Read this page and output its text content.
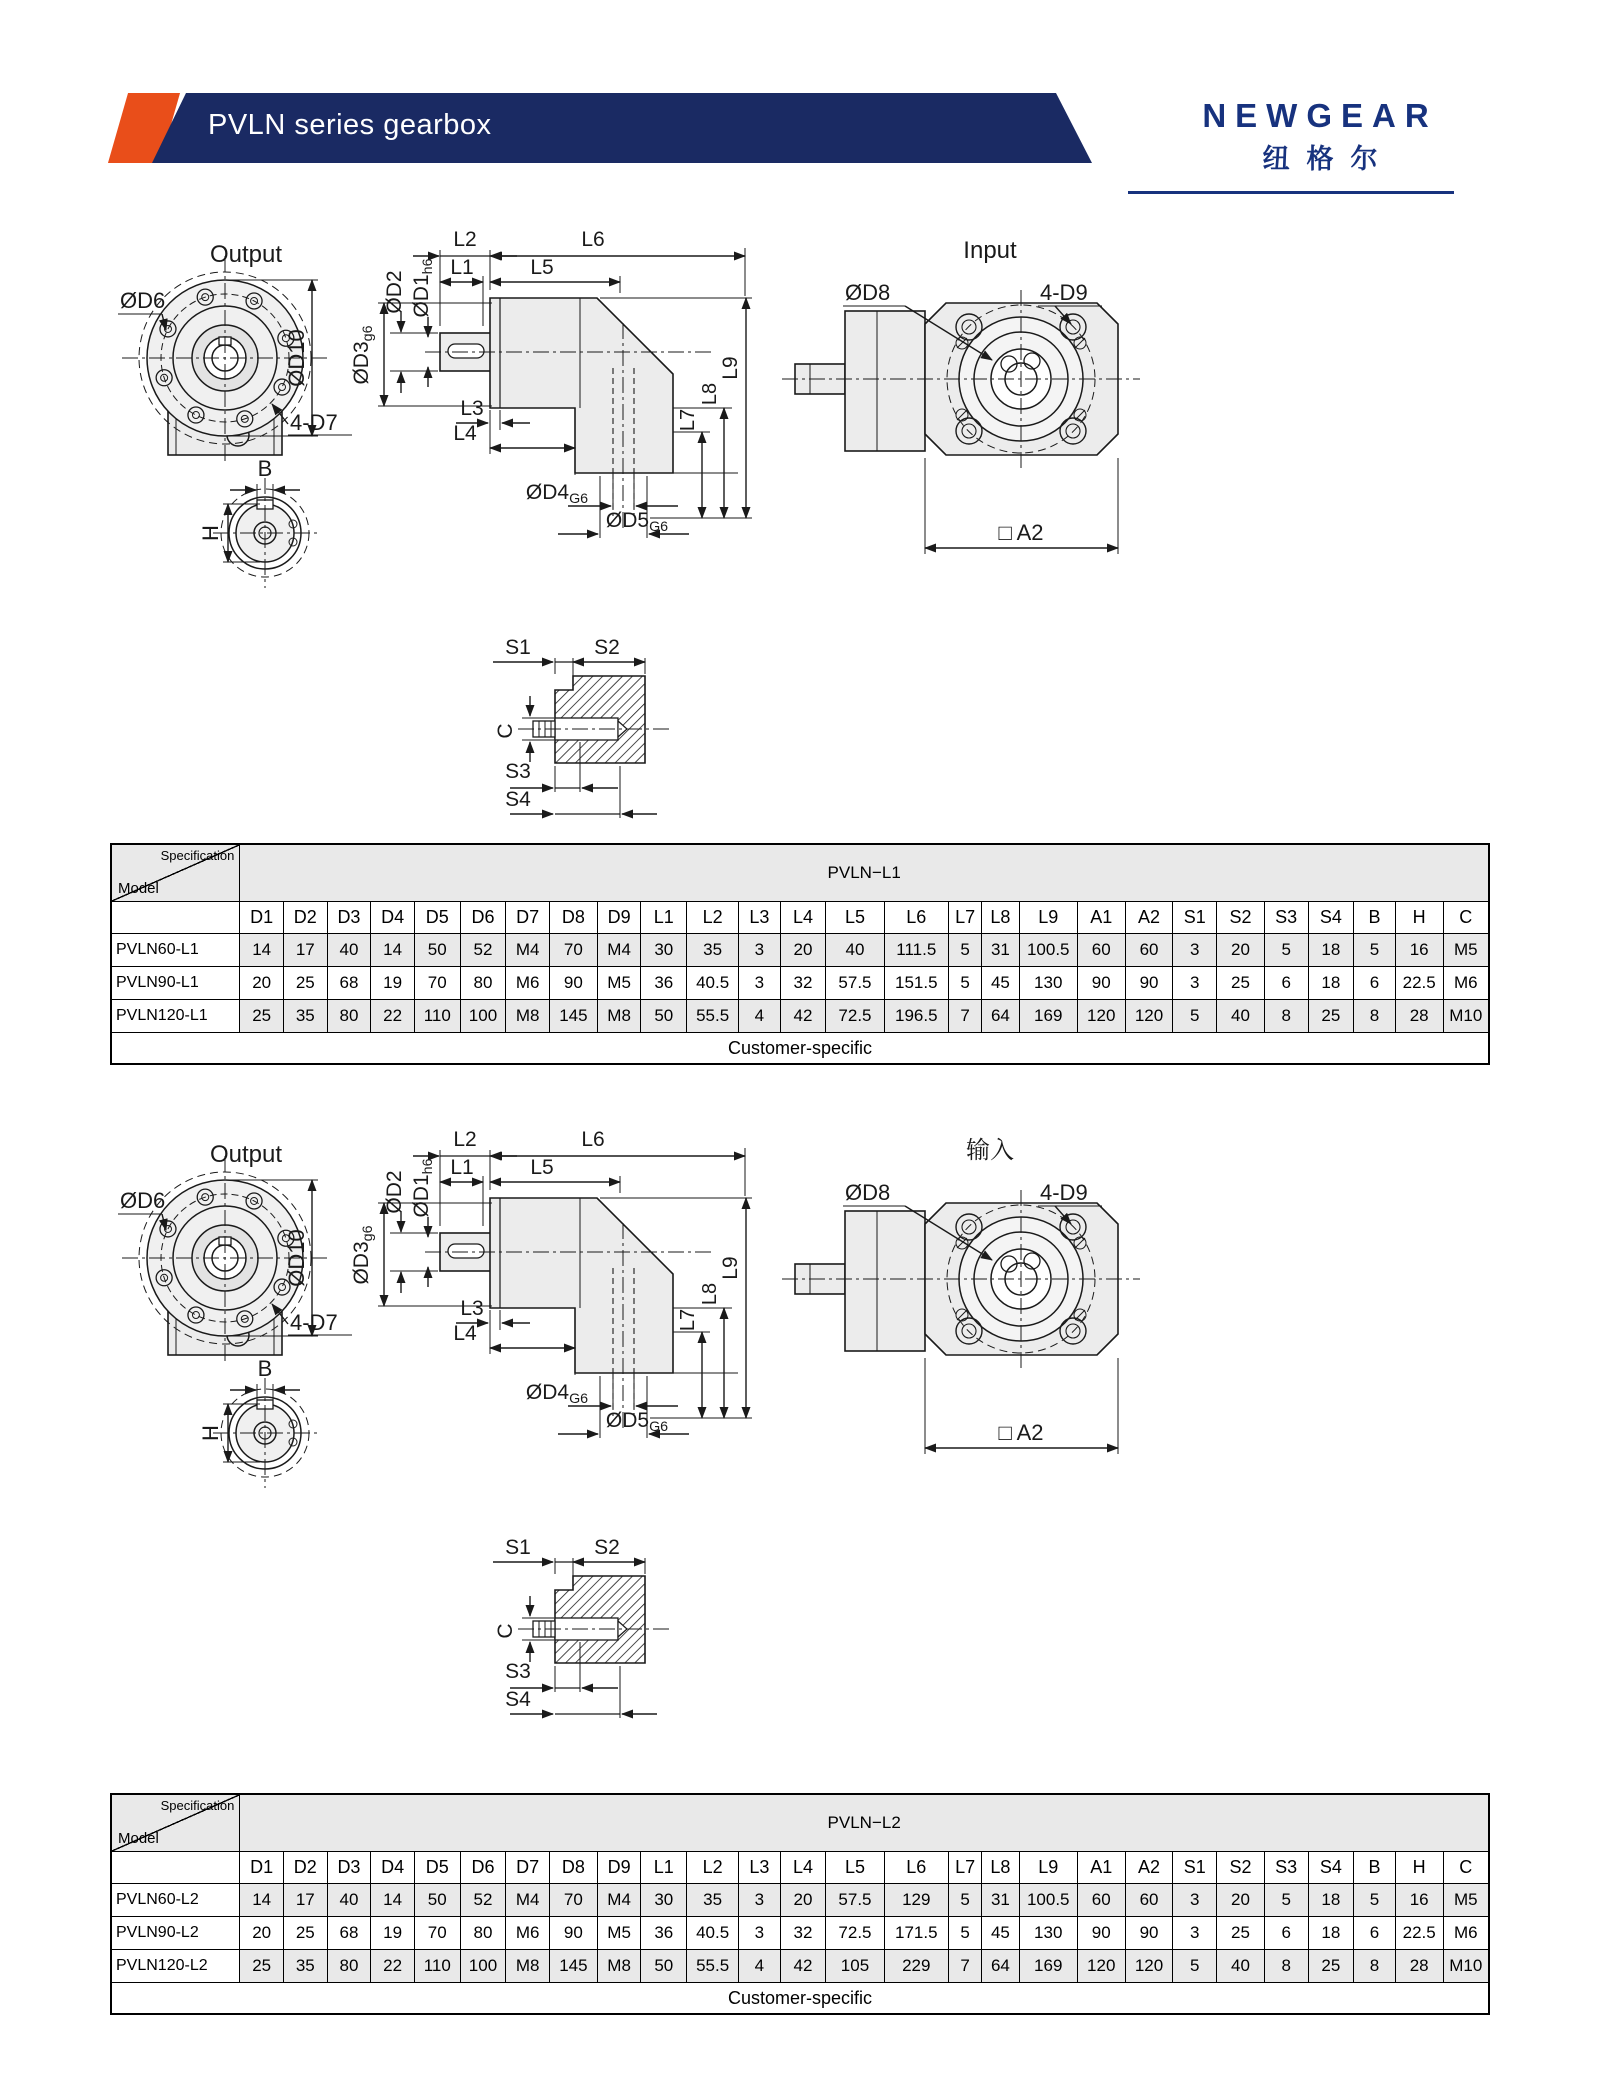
PVLN series gearbox	NEWGEAR
纽格尔
Output
ØD6
ØD10
4-D7
B
H
L2	L6
L1	L5
ØD2 ØD1h6
ØD3g6
L3
L4
ØD4G6
ØD5G6
L9
L7
L8
S1	S2
C
S3
S4
Input
ØD8	4-D9
□ A2
Specification
Model	PVLN−L1																										
	D1	D2	D3	D4	D5	D6	D7	D8	D9	L1	L2	L3	L4	L5	L6	L7	L8	L9	A1	A2	S1	S2	S3	S4	B	H	C
PVLN60-L1	14	17	40	14	50	52	M4	70	M4	30	35	3	20	40	111.5	5	31	100.5	60	60	3	20	5	18	5	16	M5
PVLN90-L1	20	25	68	19	70	80	M6	90	M5	36	40.5	3	32	57.5	151.5	5	45	130	90	90	3	25	6	18	6	22.5	M6
PVLN120-L1	25	35	80	22	110	100	M8	145	M8	50	55.5	4	42	72.5	196.5	7	64	169	120	120	5	40	8	25	8	28	M10
Customer-specific																											
Output
ØD6
ØD10
4-D7
B
H
L2	L6
L1	L5
ØD2 ØD1h6
ØD3g6
L3
L4
ØD4G6
ØD5G6
L9
L7
L8
S1	S2
C
S3
S4
输入
ØD8	4-D9
□ A2
Specification
Model	PVLN−L2																										
	D1	D2	D3	D4	D5	D6	D7	D8	D9	L1	L2	L3	L4	L5	L6	L7	L8	L9	A1	A2	S1	S2	S3	S4	B	H	C
PVLN60-L2	14	17	40	14	50	52	M4	70	M4	30	35	3	20	57.5	129	5	31	100.5	60	60	3	20	5	18	5	16	M5
PVLN90-L2	20	25	68	19	70	80	M6	90	M5	36	40.5	3	32	72.5	171.5	5	45	130	90	90	3	25	6	18	6	22.5	M6
PVLN120-L2	25	35	80	22	110	100	M8	145	M8	50	55.5	4	42	105	229	7	64	169	120	120	5	40	8	25	8	28	M10
Customer-specific																											
